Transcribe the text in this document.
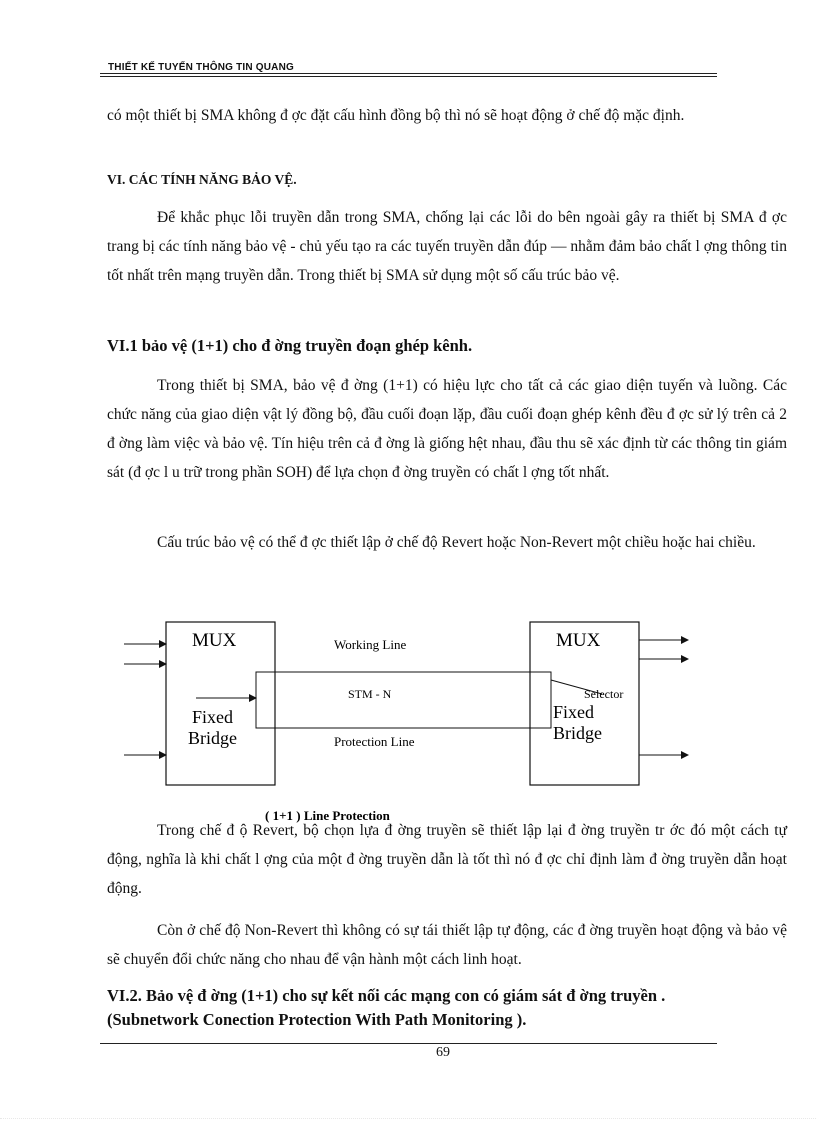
THIẾT KẾ TUYẾN THÔNG TIN QUANG

có một thiết bị SMA không đ ợc đặt cấu hình đồng bộ thì nó sẽ hoạt động ở chế độ mặc định.

VI. CÁC TÍNH NĂNG BẢO VỆ.

Để khắc phục lỗi truyền dẫn trong SMA, chống lại các lỗi do bên ngoài gây ra thiết bị SMA đ ợc trang bị các tính năng bảo vệ - chủ yếu tạo ra các tuyến truyền dẫn đúp — nhằm đảm bảo chất l ợng thông tin tốt nhất trên mạng truyền dẫn. Trong thiết bị SMA sử dụng một số cấu trúc bảo vệ.

VI.1 bảo vệ (1+1) cho đ ờng truyền đoạn ghép kênh.

Trong thiết bị SMA, bảo vệ đ ờng (1+1) có hiệu lực cho tất cả các giao diện tuyến và luồng. Các chức năng của giao diện vật lý đồng bộ, đầu cuối đoạn lặp, đầu cuối đoạn ghép kênh đều đ ợc sử lý trên cả 2 đ ờng làm việc và bảo vệ. Tín hiệu trên cả đ ờng là giống hệt nhau, đầu thu sẽ xác định từ các thông tin giám sát (đ ợc l u trữ trong phần SOH) để lựa chọn đ ờng truyền có chất l ợng tốt nhất.

Cấu trúc bảo vệ có thể đ ợc thiết lập ở chế độ Revert hoặc Non-Revert một chiều hoặc hai chiều.

MUX
Fixed
Bridge
MUX
Fixed
Bridge
Working Line
STM - N
Protection Line
Selector
( 1+1 ) Line Protection

Trong chế đ ộ Revert, bộ chọn lựa đ ờng truyền sẽ thiết lập lại đ ờng truyền tr ớc đó một cách tự động, nghĩa là khi chất l ợng của một đ ờng truyền dẫn là tốt thì nó đ ợc chỉ định làm đ ờng truyền dẫn hoạt động.

Còn ở chế độ Non-Revert thì không có sự tái thiết lập tự động, các đ ờng truyền hoạt động và bảo vệ sẽ chuyển đổi chức năng cho nhau để vận hành một cách linh hoạt.

VI.2. Bảo vệ đ ờng (1+1) cho sự kết nối các mạng con có giám sát đ ờng truyền .
(Subnetwork Conection Protection With Path Monitoring ).
69
